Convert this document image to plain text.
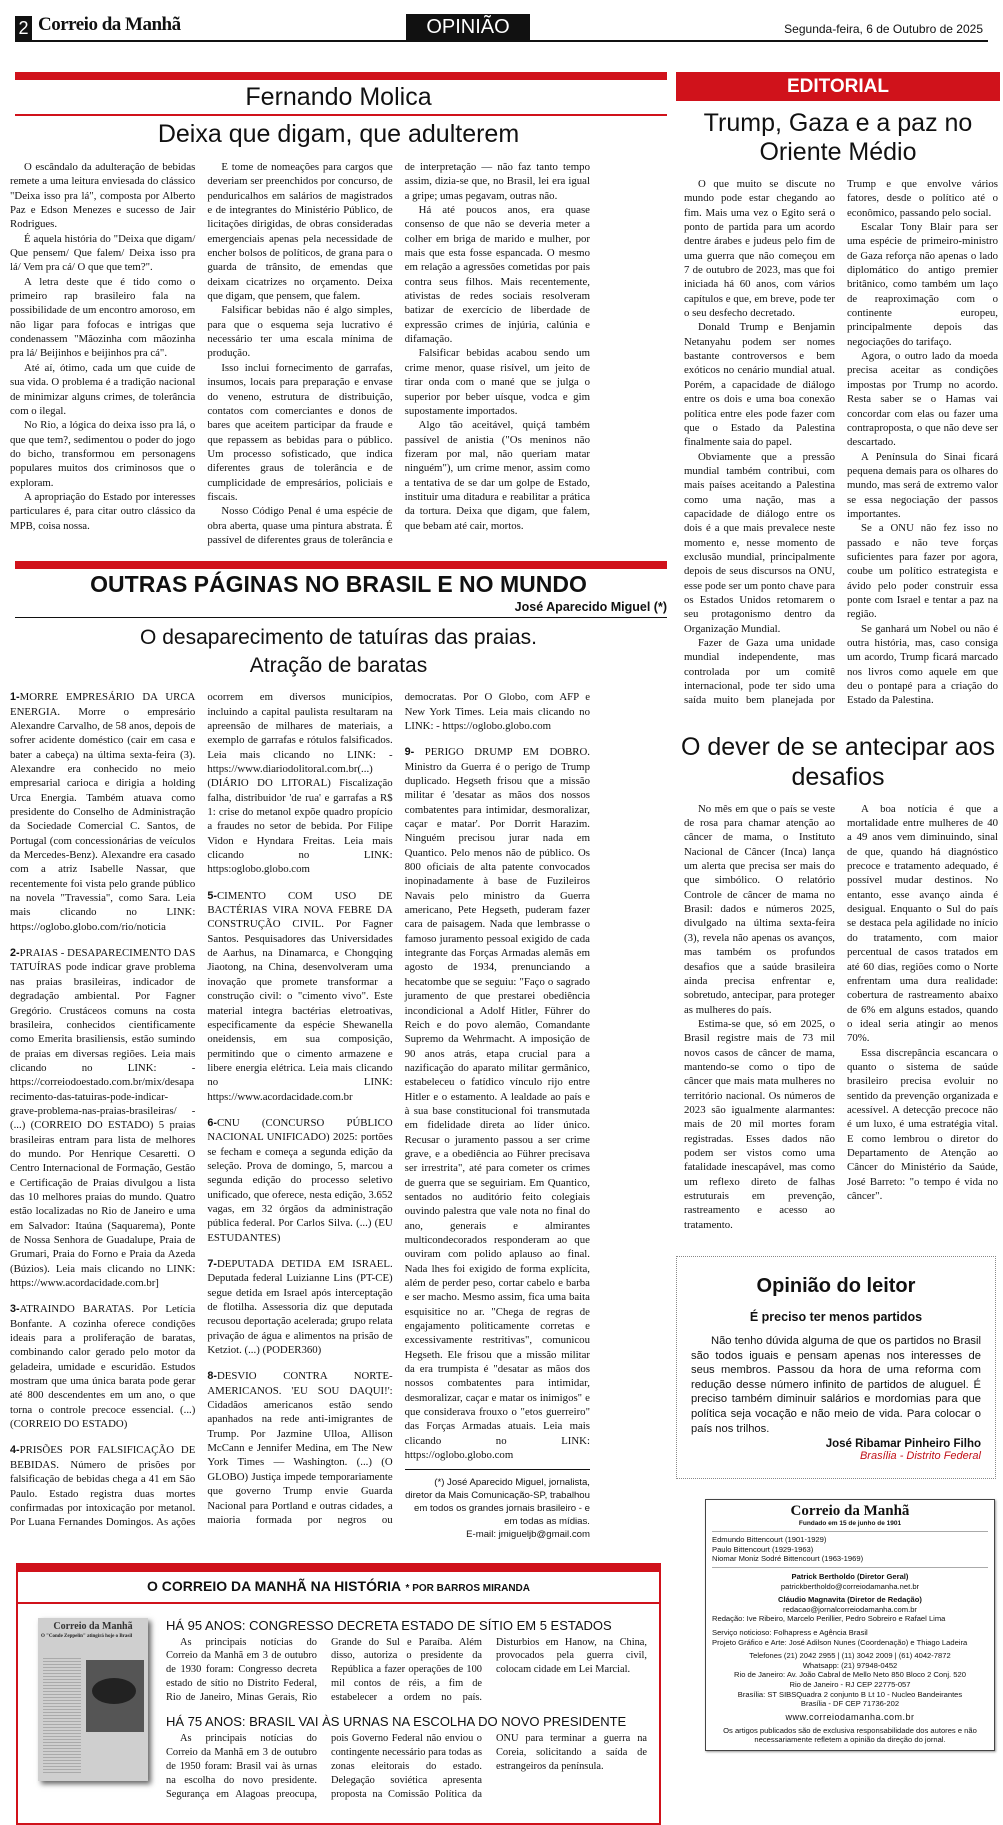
2 Correio da Manhã	OPINIÃO	Segunda-feira, 6 de Outubro de 2025
Fernando Molica
Deixa que digam, que adulterem

O escândalo da adulteração de bebidas remete a uma leitura enviesada do clássico "Deixa isso pra lá", composta por Alberto Paz e Edson Menezes e sucesso de Jair Rodrigues.

É aquela história do "Deixa que digam/ Que pensem/ Que falem/ Deixa isso pra lá/ Vem pra cá/ O que que tem?".

A letra deste que é tido como o primeiro rap brasileiro fala na possibilidade de um encontro amoroso, em não ligar para fofocas e intrigas que condenassem "Mãozinha com mãozinha pra lá/ Beijinhos e beijinhos pra cá".

Até aí, ótimo, cada um que cuide de sua vida. O problema é a tradição nacional de minimizar alguns crimes, de tolerância com o ilegal.

No Rio, a lógica do deixa isso pra lá, o que que tem?, sedimentou o poder do jogo do bicho, transformou em personagens populares muitos dos criminosos que o exploram.

A apropriação do Estado por interesses particulares é, para citar outro clássico da MPB, coisa nossa.

E tome de nomeações para cargos que deveriam ser preenchidos por concurso, de penduricalhos em salários de magistrados e de integrantes do Ministério Público, de licitações dirigidas, de obras consideradas emergenciais apenas pela necessidade de encher bolsos de políticos, de grana para o guarda de trânsito, de emendas que deixam cicatrizes no orçamento. Deixa que digam, que pensem, que falem.

Falsificar bebidas não é algo simples, para que o esquema seja lucrativo é necessário ter uma escala mínima de produção.

Isso inclui fornecimento de garrafas, insumos, locais para preparação e envase do veneno, estrutura de distribuição, contatos com comerciantes e donos de bares que aceitem participar da fraude e que repassem as bebidas para o público. Um processo sofisticado, que indica diferentes graus de tolerância e de cumplicidade de empresários, policiais e fiscais.

Nosso Código Penal é uma espécie de obra aberta, quase uma pintura abstrata. É passível de diferentes graus de tolerância e de interpretação — não faz tanto tempo assim, dizia-se que, no Brasil, lei era igual a gripe; umas pegavam, outras não.

Há até poucos anos, era quase consenso de que não se deveria meter a colher em briga de marido e mulher, por mais que esta fosse espancada. O mesmo em relação a agressões cometidas por pais contra seus filhos. Mais recentemente, ativistas de redes sociais resolveram batizar de exercício de liberdade de expressão crimes de injúria, calúnia e difamação.

Falsificar bebidas acabou sendo um crime menor, quase risível, um jeito de tirar onda com o mané que se julga o superior por beber uísque, vodca e gim supostamente importados.

Algo tão aceitável, quiçá também passível de anistia ("Os meninos não fizeram por mal, não queriam matar ninguém"), um crime menor, assim como a tentativa de se dar um golpe de Estado, instituir uma ditadura e reabilitar a prática da tortura. Deixa que digam, que falem, que bebam até cair, mortos.

OUTRAS PÁGINAS NO BRASIL E NO MUNDO
José Aparecido Miguel (*)
O desaparecimento de tatuíras das praias. Atração de baratas

1-MORRE EMPRESÁRIO DA URCA ENERGIA. Morre o empresário Alexandre Carvalho, de 58 anos, depois de sofrer acidente doméstico (cair em casa e bater a cabeça) na última sexta-feira (3). Alexandre era conhecido no meio empresarial carioca e dirigia a holding Urca Energia. Também atuava como presidente do Conselho de Administração da Sociedade Comercial C. Santos, de Portugal (com concessionárias de veículos da Mercedes-Benz). Alexandre era casado com a atriz Isabelle Nassar, que recentemente foi vista pelo grande público na novela "Travessia", como Sara. Leia mais clicando no LINK: https://oglobo.globo.com/rio/noticia

2-PRAIAS - DESAPARECIMENTO DAS TATUÍRAS pode indicar grave problema nas praias brasileiras, indicador de degradação ambiental. Por Fagner Gregório. Crustáceos comuns na costa brasileira, conhecidos cientificamente como Emerita brasiliensis, estão sumindo de praias em diversas regiões. Leia mais clicando no LINK: - https://correiodoestado.com.br/mix/desaparecimento-das-tatuiras-pode-indicar-grave-problema-nas-praias-brasileiras/ - (...) (CORREIO DO ESTADO) 5 praias brasileiras entram para lista de melhores do mundo. Por Henrique Cesaretti. O Centro Internacional de Formação, Gestão e Certificação de Praias divulgou a lista das 10 melhores praias do mundo. Quatro estão localizadas no Rio de Janeiro e uma em Salvador: Itaúna (Saquarema), Ponte de Nossa Senhora de Guadalupe, Praia de Grumari, Praia do Forno e Praia da Azeda (Búzios). Leia mais clicando no LINK: https://www.acordacidade.com.br]

3-ATRAINDO BARATAS. Por Letícia Bonfante. A cozinha oferece condições ideais para a proliferação de baratas, combinando calor gerado pelo motor da geladeira, umidade e escuridão. Estudos mostram que uma única barata pode gerar até 800 descendentes em um ano, o que torna o controle precoce essencial. (...) (CORREIO DO ESTADO)

4-PRISÕES POR FALSIFICAÇÃO DE BEBIDAS. Número de prisões por falsificação de bebidas chega a 41 em São Paulo. Estado registra duas mortes confirmadas por intoxicação por metanol. Por Luana Fernandes Domingos. As ações ocorrem em diversos municípios, incluindo a capital paulista resultaram na apreensão de milhares de materiais, a exemplo de garrafas e rótulos falsificados. Leia mais clicando no LINK: - https://www.diariodolitoral.com.br(...) (DIÁRIO DO LITORAL) Fiscalização falha, distribuidor 'de rua' e garrafas a R$ 1: crise do metanol expõe quadro propício a fraudes no setor de bebida. Por Filipe Vidon e Hyndara Freitas. Leia mais clicando no LINK: https:oglobo.globo.com

5-CIMENTO COM USO DE BACTÉRIAS VIRA NOVA FEBRE DA CONSTRUÇÃO CIVIL. Por Fagner Santos. Pesquisadores das Universidades de Aarhus, na Dinamarca, e Chongqing Jiaotong, na China, desenvolveram uma inovação que promete transformar a construção civil: o "cimento vivo". Este material integra bactérias eletroativas, especificamente da espécie Shewanella oneidensis, em sua composição, permitindo que o cimento armazene e libere energia elétrica. Leia mais clicando no LINK: https://www.acordacidade.com.br

6-CNU (CONCURSO PÚBLICO NACIONAL UNIFICADO) 2025: portões se fecham e começa a segunda edição da seleção. Prova de domingo, 5, marcou a segunda edição do processo seletivo unificado, que oferece, nesta edição, 3.652 vagas, em 32 órgãos da administração pública federal. Por Carlos Silva. (...) (EU ESTUDANTES)

7-DEPUTADA DETIDA EM ISRAEL. Deputada federal Luizianne Lins (PT-CE) segue detida em Israel após interceptação de flotilha. Assessoria diz que deputada recusou deportação acelerada; grupo relata privação de água e alimentos na prisão de Ketziot. (...) (PODER360)

8-DESVIO CONTRA NORTE-AMERICANOS. 'EU SOU DAQUI!': Cidadãos americanos estão sendo apanhados na rede anti-imigrantes de Trump. Por Jazmine Ulloa, Allison McCann e Jennifer Medina, em The New York Times — Washington. (...) (O GLOBO) Justiça impede temporariamente que governo Trump envie Guarda Nacional para Portland e outras cidades, a maioria formada por negros ou democratas. Por O Globo, com AFP e New York Times. Leia mais clicando no LINK: - https://oglobo.globo.com

9- PERIGO DRUMP EM DOBRO. Ministro da Guerra é o perigo de Trump duplicado. Hegseth frisou que a missão militar é 'desatar as mãos dos nossos combatentes para intimidar, desmoralizar, caçar e matar'. Por Dorrit Harazim. Ninguém precisou jurar nada em Quantico. Pelo menos não de público. Os 800 oficiais de alta patente convocados inopinadamente à base de Fuzileiros Navais pelo ministro da Guerra americano, Pete Hegseth, puderam fazer cara de paisagem. Nada que lembrasse o famoso juramento pessoal exigido de cada integrante das Forças Armadas alemãs em agosto de 1934, prenunciando a hecatombe que se seguiu: "Faço o sagrado juramento de que prestarei obediência incondicional a Adolf Hitler, Führer do Reich e do povo alemão, Comandante Supremo da Wehrmacht. A imposição de 90 anos atrás, etapa crucial para a nazificação do aparato militar germânico, estabeleceu o fatídico vínculo rijo entre Hitler e o estamento. A lealdade ao país e à sua base constitucional foi transmutada em fidelidade direta ao líder único. Recusar o juramento passou a ser crime grave, e a obediência ao Führer precisava ser irrestrita", até para cometer os crimes de guerra que se seguiriam. Em Quantico, sentados no auditório feito colegiais ouvindo palestra que vale nota no final do ano, generais e almirantes multicondecorados responderam ao que ouviram com polido aplauso ao final. Nada lhes foi exigido de forma explícita, além de perder peso, cortar cabelo e barba e ser macho. Mesmo assim, fica uma baita esquisitice no ar. "Chega de regras de engajamento politicamente corretas e excessivamente restritivas", comunicou Hegseth. Ele frisou que a missão militar da era trumpista é "desatar as mãos dos nossos combatentes para intimidar, desmoralizar, caçar e matar os inimigos" e que considerava frouxo o "etos guerreiro" das Forças Armadas atuais. Leia mais clicando no LINK: https://oglobo.globo.com

(*) José Aparecido Miguel, jornalista, diretor da Mais Comunicação-SP, trabalhou em todos os grandes jornais brasileiro - e em todas as mídias.
E-mail: jmigueljb@gmail.com
O CORREIO DA MANHÃ NA HISTÓRIA * POR BARROS MIRANDA
Correio da Manhã
O "Conde Zeppelin" atingirá hoje o Brasil
HÁ 95 ANOS: CONGRESSO DECRETA ESTADO DE SÍTIO EM 5 ESTADOS
As principais notícias do Correio da Manhã em 3 de outubro de 1930 foram: Congresso decreta estado de sítio no Distrito Federal, Rio de Janeiro, Minas Gerais, Rio Grande do Sul e Paraíba. Além disso, autoriza o presidente da República a fazer operações de 100 mil contos de réis, a fim de estabelecer a ordem no país. Disturbios em Hanow, na China, provocados pela guerra civil, colocam cidade em Lei Marcial.
HÁ 75 ANOS: BRASIL VAI ÀS URNAS NA ESCOLHA DO NOVO PRESIDENTE
As principais notícias do Correio da Manhã em 3 de outubro de 1950 foram: Brasil vai às urnas na escolha do novo presidente. Segurança em Alagoas preocupa, pois Governo Federal não enviou o contingente necessário para todas as zonas eleitorais do estado. Delegação soviética apresenta proposta na Comissão Política da ONU para terminar a guerra na Coreia, solicitando a saída de estrangeiros da península.
EDITORIAL
Trump, Gaza e a paz no Oriente Médio

O que muito se discute no mundo pode estar chegando ao fim. Mais uma vez o Egito será o ponto de partida para um acordo dentre árabes e judeus pelo fim de uma guerra que não começou em 7 de outubro de 2023, mas que foi iniciada há 60 anos, com vários capítulos e que, em breve, pode ter o seu desfecho decretado.

Donald Trump e Benjamin Netanyahu podem ser nomes bastante controversos e bem exóticos no cenário mundial atual. Porém, a capacidade de diálogo entre os dois e uma boa conexão política entre eles pode fazer com que o Estado da Palestina finalmente saia do papel.

Obviamente que a pressão mundial também contribui, com mais países aceitando a Palestina como uma nação, mas a capacidade de diálogo entre os dois é a que mais prevalece neste momento e, nesse momento de exclusão mundial, principalmente depois de seus discursos na ONU, esse pode ser um ponto chave para os Estados Unidos retomarem o seu protagonismo dentro da Organização Mundial.

Fazer de Gaza uma unidade mundial independente, mas controlada por um comitê internacional, pode ter sido uma saída muito bem planejada por Trump e que envolve vários fatores, desde o político até o econômico, passando pelo social.

Escalar Tony Blair para ser uma espécie de primeiro-ministro de Gaza reforça não apenas o lado diplomático do antigo premier britânico, como também um laço de reaproximação com o continente europeu, principalmente depois das negociações do tarifaço.

Agora, o outro lado da moeda precisa aceitar as condições impostas por Trump no acordo. Resta saber se o Hamas vai concordar com elas ou fazer uma contraproposta, o que não deve ser descartado.

A Península do Sinai ficará pequena demais para os olhares do mundo, mas será de extremo valor se essa negociação der passos importantes.

Se a ONU não fez isso no passado e não teve forças suficientes para fazer por agora, coube um político estrategista e ávido pelo poder construir essa ponte com Israel e tentar a paz na região.

Se ganhará um Nobel ou não é outra história, mas, caso consiga um acordo, Trump ficará marcado nos livros como aquele em que deu o pontapé para a criação do Estado da Palestina.

O dever de se antecipar aos desafios

No mês em que o país se veste de rosa para chamar atenção ao câncer de mama, o Instituto Nacional de Câncer (Inca) lança um alerta que precisa ser mais do que simbólico. O relatório Controle de câncer de mama no Brasil: dados e números 2025, divulgado na última sexta-feira (3), revela não apenas os avanços, mas também os profundos desafios que a saúde brasileira ainda precisa enfrentar e, sobretudo, antecipar, para proteger as mulheres do país.

Estima-se que, só em 2025, o Brasil registre mais de 73 mil novos casos de câncer de mama, mantendo-se como o tipo de câncer que mais mata mulheres no território nacional. Os números de 2023 são igualmente alarmantes: mais de 20 mil mortes foram registradas. Esses dados não podem ser vistos como uma fatalidade inescapável, mas como um reflexo direto de falhas estruturais em prevenção, rastreamento e acesso ao tratamento.

A boa notícia é que a mortalidade entre mulheres de 40 a 49 anos vem diminuindo, sinal de que, quando há diagnóstico precoce e tratamento adequado, é possível mudar destinos. No entanto, esse avanço ainda é desigual. Enquanto o Sul do país se destaca pela agilidade no início do tratamento, com maior percentual de casos tratados em até 60 dias, regiões como o Norte enfrentam uma dura realidade: cobertura de rastreamento abaixo de 6% em alguns estados, quando o ideal seria atingir ao menos 70%.

Essa discrepância escancara o quanto o sistema de saúde brasileiro precisa evoluir no sentido da prevenção organizada e acessível. A detecção precoce não é um luxo, é uma estratégia vital. E como lembrou o diretor do Departamento de Atenção ao Câncer do Ministério da Saúde, José Barreto: "o tempo é vida no câncer".

Opinião do leitor
É preciso ter menos partidos
Não tenho dúvida alguma de que os partidos no Brasil são todos iguais e pensam apenas nos interesses de seus membros. Passou da hora de uma reforma com redução desse número infinito de partidos de aluguel. É preciso também diminuir salários e mordomias para que política seja vocação e não meio de vida. Para colocar o país nos trilhos.
José Ribamar Pinheiro Filho
Brasília - Distrito Federal
Correio da Manhã
Fundado em 15 de junho de 1901
Edmundo Bittencourt (1901-1929)
Paulo Bittencourt (1929-1963)
Niomar Moniz Sodré Bittencourt (1963-1969)
Patrick Bertholdo (Diretor Geral)
patrickbertholdo@correiodamanha.net.br
Cláudio Magnavita (Diretor de Redação)
redacao@jornalcorreiodamanha.com.br
Redação: Ive Ribeiro, Marcelo Perillier, Pedro Sobreiro e Rafael Lima
Serviço noticioso: Folhapress e Agência Brasil
Projeto Gráfico e Arte: José Adilson Nunes (Coordenação) e Thiago Ladeira
Telefones (21) 2042 2955 | (11) 3042 2009 | (61) 4042-7872
Whatsapp: (21) 97948-0452
Rio de Janeiro: Av. João Cabral de Mello Neto 850 Bloco 2 Conj. 520
Rio de Janeiro - RJ CEP 22775-057
Brasília: ST SIBSQuadra 2 conjunto B Lt 10 - Nucleo Bandeirantes
Brasília - DF CEP 71736-202
www.correiodamanha.com.br
Os artigos publicados são de exclusiva responsabilidade dos autores e não necessariamente refletem a opinião da direção do jornal.
